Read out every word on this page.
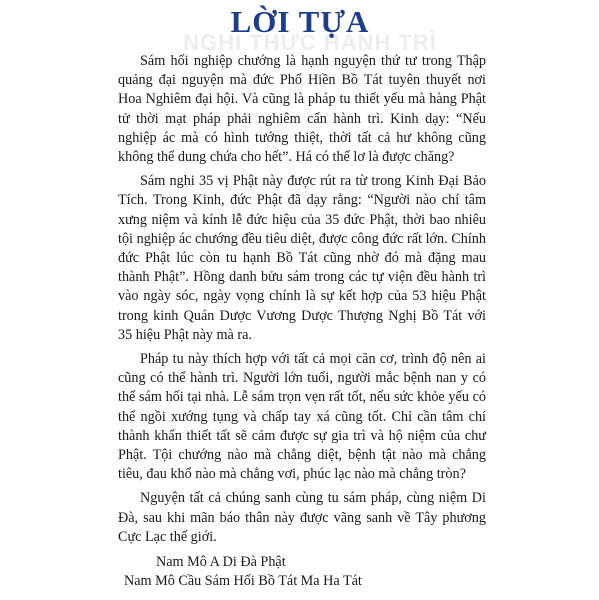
NGHI THỨC HÀNH TRÌ
LỜI TỰA

Sám hối nghiệp chướng là hạnh nguyện thứ tư trong Thập quảng đại nguyện mà đức Phổ Hiền Bồ Tát tuyên thuyết nơi Hoa Nghiêm đại hội. Và cũng là pháp tu thiết yếu mà hàng Phật tử thời mạt pháp phải nghiêm cẩn hành trì. Kinh dạy: “Nếu nghiệp ác mà có hình tướng thiệt, thời tất cả hư không cũng không thể dung chứa cho hết”. Há có thể lơ là được chăng?

Sám nghi 35 vị Phật này được rút ra từ trong Kinh Đại Bảo Tích. Trong Kinh, đức Phật đã dạy rằng: “Người nào chí tâm xưng niệm và kính lễ đức hiệu của 35 đức Phật, thời bao nhiêu tội nghiệp ác chướng đều tiêu diệt, được công đức rất lớn. Chính đức Phật lúc còn tu hạnh Bồ Tát cũng nhờ đó mà đặng mau thành Phật”. Hồng danh bửu sám trong các tự viện đều hành trì vào ngày sóc, ngày vọng chính là sự kết hợp của 53 hiệu Phật trong kinh Quán Dược Vương Dược Thượng Nghị Bồ Tát với 35 hiệu Phật này mà ra.

Pháp tu này thích hợp với tất cả mọi căn cơ, trình độ nên ai cũng có thể hành trì. Người lớn tuổi, người mắc bệnh nan y có thể sám hối tại nhà. Lễ sám trọn vẹn rất tốt, nếu sức khỏe yếu có thể ngồi xướng tụng và chấp tay xá cũng tốt. Chỉ cần tâm chí thành khẩn thiết tất sẽ cảm được sự gia trì và hộ niệm của chư Phật. Tội chướng nào mà chẳng diệt, bệnh tật nào mà chẳng tiêu, đau khổ nào mà chẳng vơi, phúc lạc nào mà chẳng tròn?

Nguyện tất cả chúng sanh cùng tu sám pháp, cùng niệm Di Đà, sau khi mãn báo thân này được vãng sanh về Tây phương Cực Lạc thế giới.

Nam Mô A Di Đà Phật
Nam Mô Cầu Sám Hối Bồ Tát Ma Ha Tát
